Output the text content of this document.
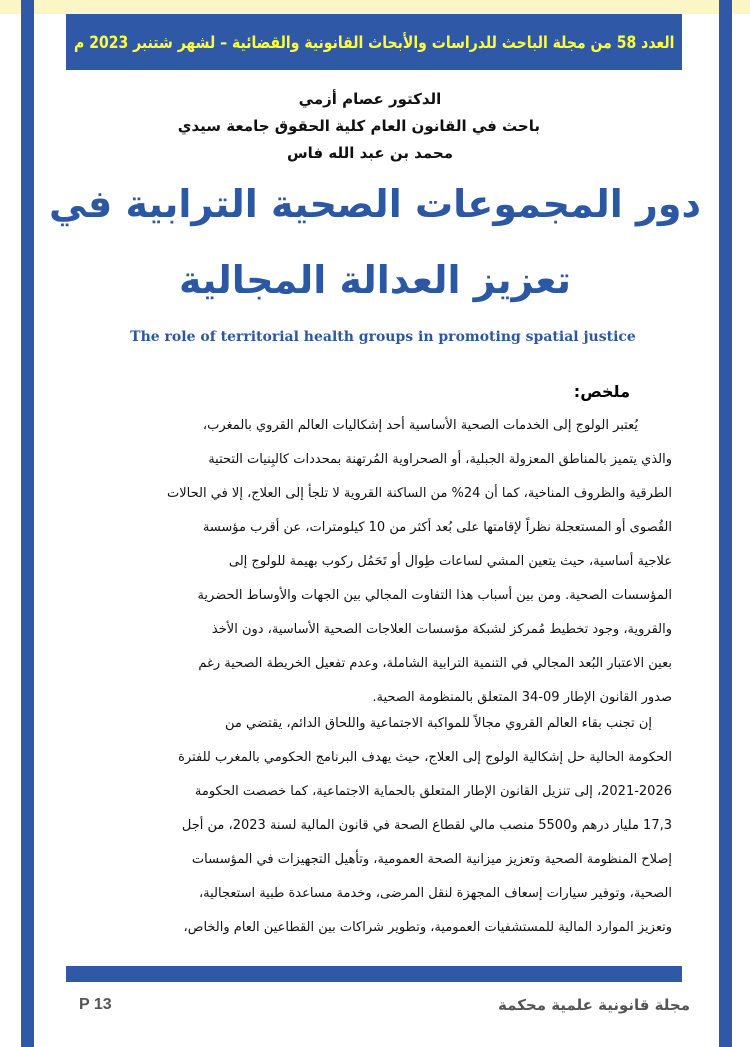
العدد 58 من مجلة الباحث للدراسات والأبحاث القانونية والقضائية – لشهر شتنبر 2023 م
الدكتور عصام أزمي
باحث في القانون العام كلية الحقوق جامعة سيدي
محمد بن عبد الله فاس
دور المجموعات الصحية الترابية في
تعزيز العدالة المجالية
The role of territorial health groups in promoting spatial justice
ملخص:
يُعتبر الولوج إلى الخدمات الصحية الأساسية أحد إشكاليات العالم القروي بالمغرب،
والذي يتميز بالمناطق المعزولة الجبلية، أو الصحراوية المُرتهنة بمحددات كالبِنيات التحتية
الطرقية والظروف المناخية، كما أن 24% من الساكنة القروية لا تلجأ إلى العلاج، إلا في الحالات
القُصوى أو المستعجلة نظراً لإقامتها على بُعد أكثر من 10 كيلومترات، عن أقرب مؤسسة
علاجية أساسية، حيث يتعين المشي لساعات طِوال أو تَحَمُل ركوب بهيمة للولوج إلى
المؤسسات الصحية. ومن بين أسباب هذا التفاوت المجالي بين الجهات والأوساط الحضرية
والقروية، وجود تخطيط مُمركز لشبكة مؤسسات العلاجات الصحية الأساسية، دون الأخذ
بعين الاعتبار البُعد المجالي في التنمية الترابية الشاملة، وعدم تفعيل الخريطة الصحية رغم
صدور القانون الإطار 09-34 المتعلق بالمنظومة الصحية.
إن تجنب بقاء العالم القروي مجالاً للمواكبة الاجتماعية واللحاق الدائم، يقتضي من
الحكومة الحالية حل إشكالية الولوج إلى العلاج، حيث يهدف البرنامج الحكومي بالمغرب للفترة
2021-2026، إلى تنزيل القانون الإطار المتعلق بالحماية الاجتماعية، كما خصصت الحكومة
17,3 مليار درهم و5500 منصب مالي لقطاع الصحة في قانون المالية لسنة 2023، من أجل
إصلاح المنظومة الصحية وتعزيز ميزانية الصحة العمومية، وتأهيل التجهيزات في المؤسسات
الصحية، وتوفير سيارات إسعاف المجهزة لنقل المرضى، وخدمة مساعدة طبية استعجالية،
وتعزيز الموارد المالية للمستشفيات العمومية، وتطوير شراكات بين القطاعين العام والخاص،
مجلة قانونية علمية محكمة
P 13
